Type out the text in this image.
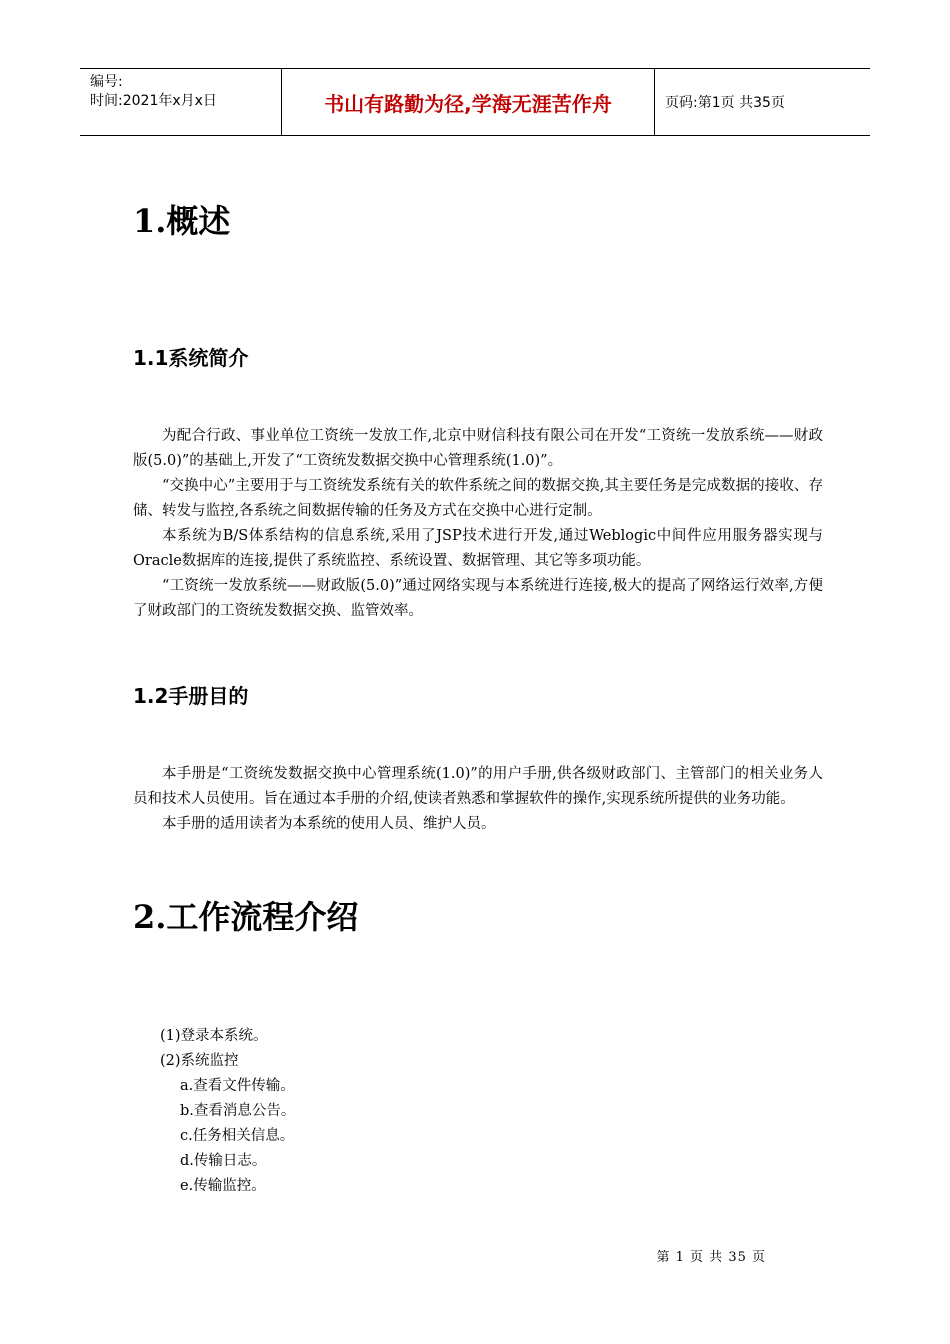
编号:
时间:2021年x月x日	书山有路勤为径,学海无涯苦作舟	页码:第1页 共35页
1.概述
1.1系统简介

为配合行政、事业单位工资统一发放工作,北京中财信科技有限公司在开发“工资统一发放系统——财政版(5.0)”的基础上,开发了“工资统发数据交换中心管理系统(1.0)”。

“交换中心”主要用于与工资统发系统有关的软件系统之间的数据交换,其主要任务是完成数据的接收、存储、转发与监控,各系统之间数据传输的任务及方式在交换中心进行定制。

本系统为B/S体系结构的信息系统,采用了JSP技术进行开发,通过Weblogic中间件应用服务器实现与Oracle数据库的连接,提供了系统监控、系统设置、数据管理、其它等多项功能。

“工资统一发放系统——财政版(5.0)”通过网络实现与本系统进行连接,极大的提高了网络运行效率,方便了财政部门的工资统发数据交换、监管效率。

1.2手册目的

本手册是“工资统发数据交换中心管理系统(1.0)”的用户手册,供各级财政部门、主管部门的相关业务人员和技术人员使用。旨在通过本手册的介绍,使读者熟悉和掌握软件的操作,实现系统所提供的业务功能。

本手册的适用读者为本系统的使用人员、维护人员。

2.工作流程介绍
(1)登录本系统。
(2)系统监控
a.查看文件传输。
b.查看消息公告。
c.任务相关信息。
d.传输日志。
e.传输监控。
第 1 页 共 35 页
